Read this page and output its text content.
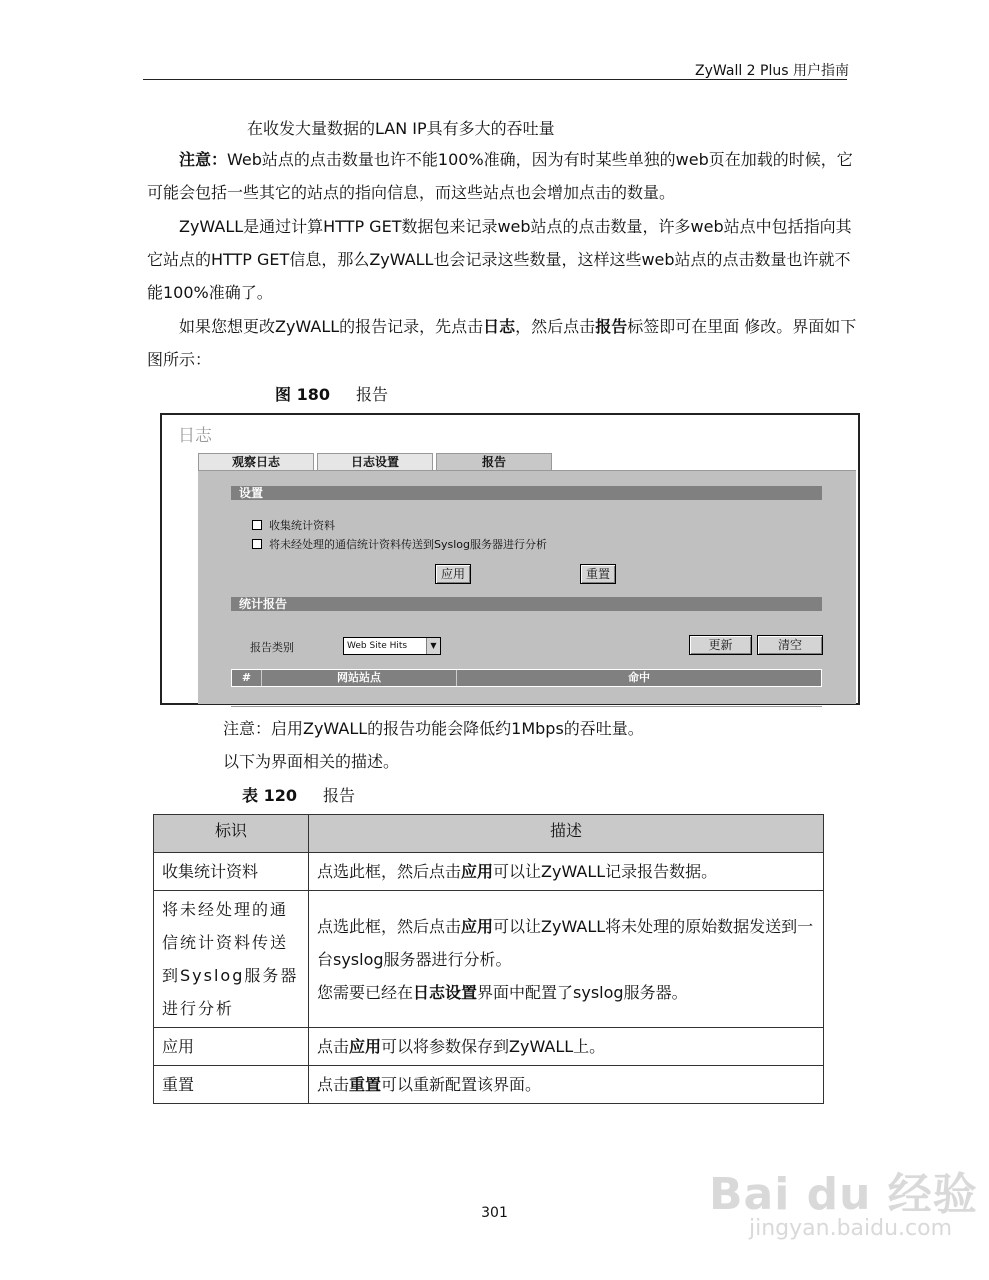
ZyWall 2 Plus 用户指南
在收发大量数据的LAN IP具有多大的吞吐量

注意：Web站点的点击数量也许不能100%准确，因为有时某些单独的web页在加载的时候，它可能会包括一些其它的站点的指向信息，而这些站点也会增加点击的数量。

ZyWALL是通过计算HTTP GET数据包来记录web站点的点击数量，许多web站点中包括指向其它站点的HTTP GET信息，那么ZyWALL也会记录这些数量，这样这些web站点的点击数量也许就不能100%准确了。

如果您想更改ZyWALL的报告记录，先点击日志，然后点击报告标签即可在里面 修改。界面如下图所示：

图 180 报告
日志
观察日志	日志设置	报告
设置
收集统计资料
将未经处理的通信统计资料传送到Syslog服务器进行分析
应用	重置
统计报告
报告类别	Web Site Hits	▼	更新	清空
#	网站站点	命中
注意：启用ZyWALL的报告功能会降低约1Mbps的吞吐量。
以下为界面相关的描述。
表 120 报告
标识	描述
收集统计资料	点选此框，然后点击应用可以让ZyWALL记录报告数据。
将未经处理的通信统计资料传送到Syslog服务器进行分析	点选此框，然后点击应用可以让ZyWALL将未处理的原始数据发送到一台syslog服务器进行分析。
您需要已经在日志设置界面中配置了syslog服务器。

应用	点击应用可以将参数保存到ZyWALL上。
重置	点击重置可以重新配置该界面。
301	Bai du 经验
jingyan.baidu.com
